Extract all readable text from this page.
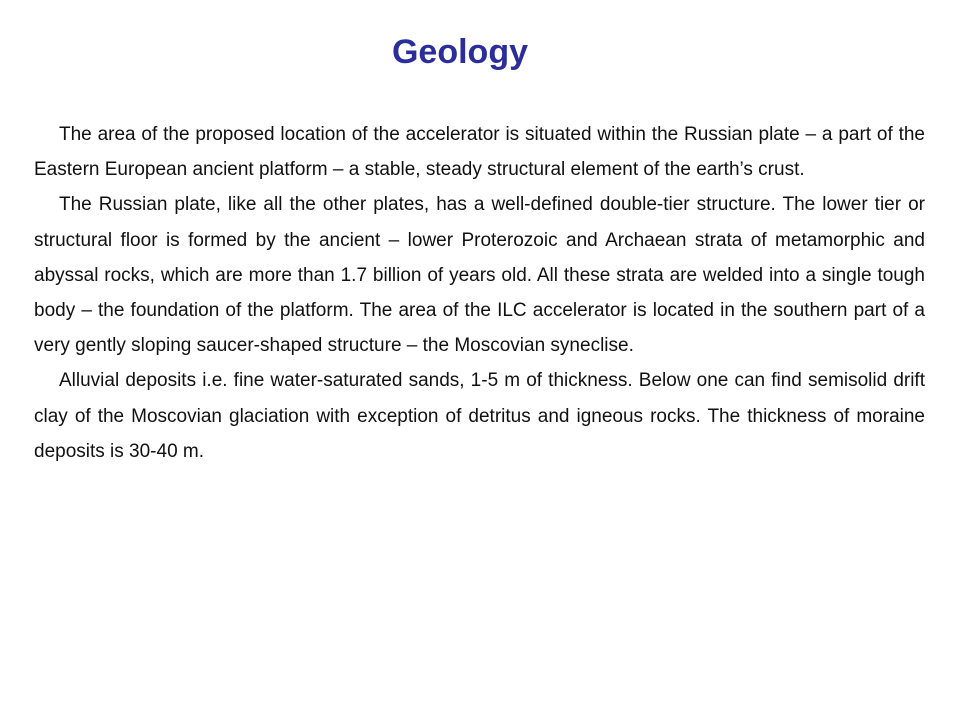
Geology

The area of the proposed location of the accelerator is situated within the Russian plate – a part of the Eastern European ancient platform – a stable, steady structural element of the earth’s crust.

The Russian plate, like all the other plates, has a well-defined double-tier structure. The lower tier or structural floor is formed by the ancient – lower Proterozoic and Archaean strata of metamorphic and abyssal rocks, which are more than 1.7 billion of years old. All these strata are welded into a single tough body – the foundation of the platform. The area of the ILC accelerator is located in the southern part of a very gently sloping saucer-shaped structure – the Moscovian syneclise.

Alluvial deposits i.e. fine water-saturated sands, 1-5 m of thickness. Below one can find semisolid drift clay of the Moscovian glaciation with exception of detritus and igneous rocks. The thickness of moraine deposits is 30-40 m.
